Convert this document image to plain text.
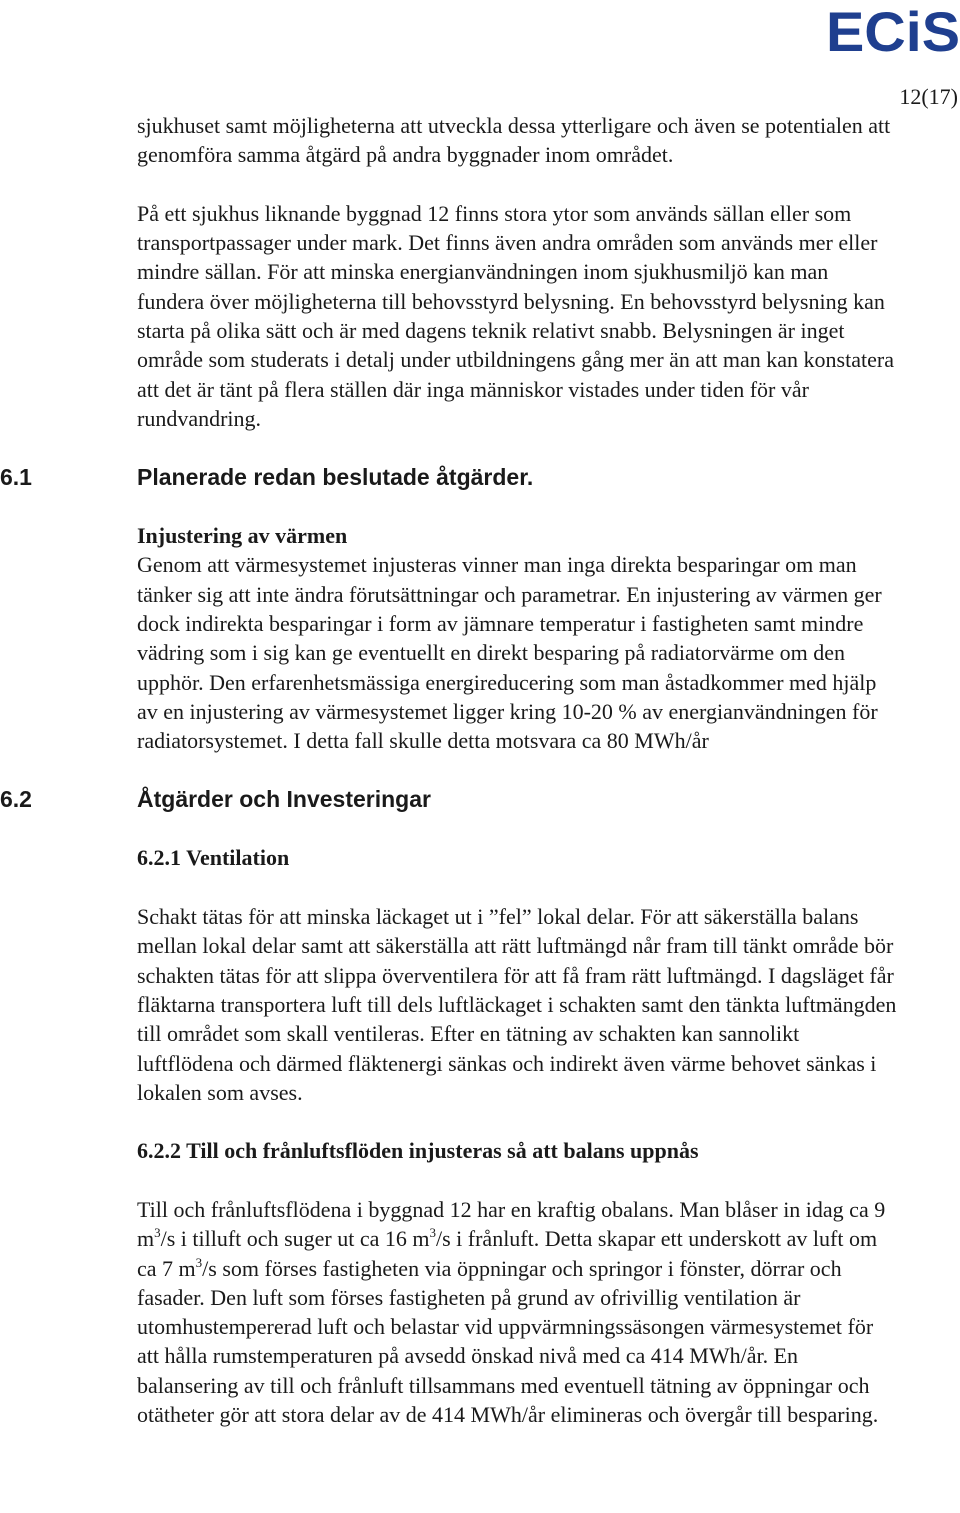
ECiS
12(17)

sjukhuset samt möjligheterna att utveckla dessa ytterligare och även se potentialen att genomföra samma åtgärd på andra byggnader inom området.

På ett sjukhus liknande byggnad 12 finns stora ytor som används sällan eller som transportpassager under mark. Det finns även andra områden som används mer eller mindre sällan. För att minska energianvändningen inom sjukhusmiljö kan man fundera över möjligheterna till behovsstyrd belysning. En behovsstyrd belysning kan starta på olika sätt och är med dagens teknik relativt snabb. Belysningen är inget område som studerats i detalj under utbildningens gång mer än att man kan konstatera att det är tänt på flera ställen där inga människor vistades under tiden för vår rundvandring.

6.1	Planerade redan beslutade åtgärder.

Injustering av värmen

Genom att värmesystemet injusteras vinner man inga direkta besparingar om man tänker sig att inte ändra förutsättningar och parametrar. En injustering av värmen ger dock indirekta besparingar i form av jämnare temperatur i fastigheten samt mindre vädring som i sig kan ge eventuellt en direkt besparing på radiatorvärme om den upphör. Den erfarenhetsmässiga energireducering som man åstadkommer med hjälp av en injustering av värmesystemet ligger kring 10-20 % av energianvändningen för radiatorsystemet. I detta fall skulle detta motsvara ca 80 MWh/år

6.2	Åtgärder och Investeringar

6.2.1 Ventilation

Schakt tätas för att minska läckaget ut i ”fel” lokal delar. För att säkerställa balans mellan lokal delar samt att säkerställa att rätt luftmängd når fram till tänkt område bör schakten tätas för att slippa överventilera för att få fram rätt luftmängd. I dagsläget får fläktarna transportera luft till dels luftläckaget i schakten samt den tänkta luftmängden till området som skall ventileras. Efter en tätning av schakten kan sannolikt luftflödena och därmed fläktenergi sänkas och indirekt även värme behovet sänkas i lokalen som avses.

6.2.2 Till och frånluftsflöden injusteras så att balans uppnås

Till och frånluftsflödena i byggnad 12 har en kraftig obalans. Man blåser in idag ca 9 $m^3/s$ i tilluft och suger ut ca 16 $m^3/s$ i frånluft. Detta skapar ett underskott av luft om ca 7 $m^3/s$ som förses fastigheten via öppningar och springor i fönster, dörrar och fasader. Den luft som förses fastigheten på grund av ofrivillig ventilation är utomhustempererad luft och belastar vid uppvärmningssäsongen värmesystemet för att hålla rumstemperaturen på avsedd önskad nivå med ca 414 MWh/år. En balansering av till och frånluft tillsammans med eventuell tätning av öppningar och otätheter gör att stora delar av de 414 MWh/år elimineras och övergår till besparing.
